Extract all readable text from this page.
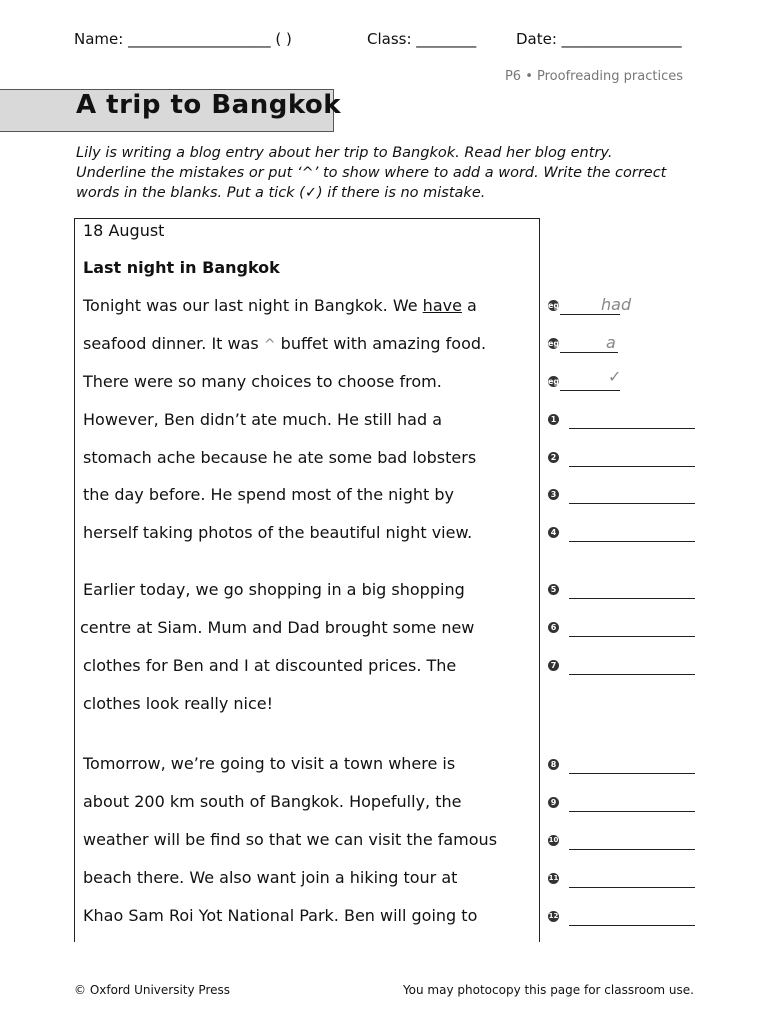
Name: ___________________ ( )	Class: ________	Date: ________________
P6 • Proofreading practices
A trip to Bangkok
Lily is writing a blog entry about her trip to Bangkok. Read her blog entry. Underline the mistakes or put ‘^’ to show where to add a word. Write the correct words in the blanks. Put a tick (✓) if there is no mistake.
18 August
Last night in Bangkok
Tonight was our last night in Bangkok. We have a
seafood dinner. It was ^ buffet with amazing food.
There were so many choices to choose from.
However, Ben didn’t ate much. He still had a
stomach ache because he ate some bad lobsters
the day before. He spend most of the night by
herself taking photos of the beautiful night view.
Earlier today, we go shopping in a big shopping
centre at Siam. Mum and Dad brought some new
clothes for Ben and I at discounted prices. The
clothes look really nice!
Tomorrow, we’re going to visit a town where is
about 200 km south of Bangkok. Hopefully, the
weather will be find so that we can visit the famous
beach there. We also want join a hiking tour at
Khao Sam Roi Yot National Park. Ben will going to
eg	had
eg	a
eg	✓
1
2
3
4
5
6
7
8
9
10
11
12
© Oxford University Press	You may photocopy this page for classroom use.
